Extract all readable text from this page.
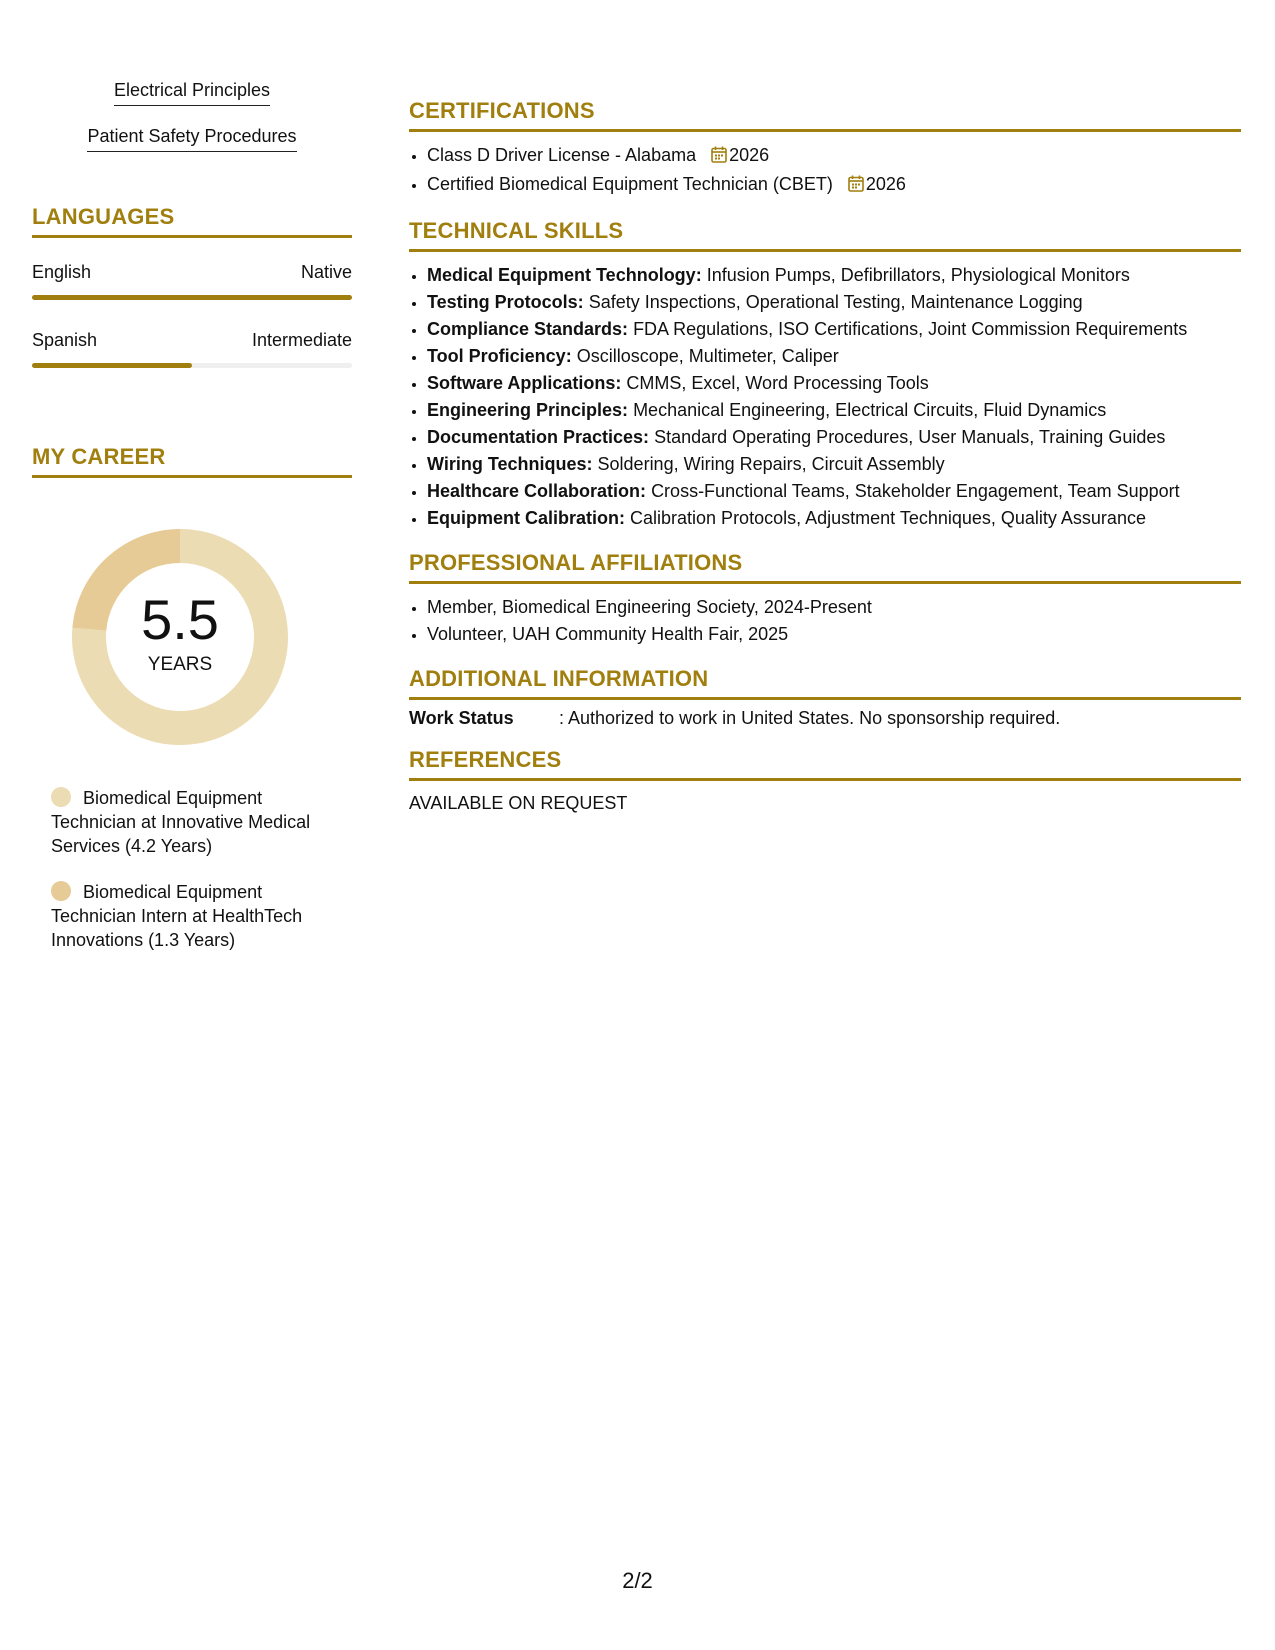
Electrical Principles
Patient Safety Procedures
LANGUAGES
English	Native
Spanish	Intermediate
MY CAREER
5.5
YEARS
Biomedical Equipment Technician at Innovative Medical Services (4.2 Years)
Biomedical Equipment Technician Intern at HealthTech Innovations (1.3 Years)
CERTIFICATIONS
• Class D Driver License - Alabama 2026
• Certified Biomedical Equipment Technician (CBET) 2026
TECHNICAL SKILLS
• Medical Equipment Technology: Infusion Pumps, Defibrillators, Physiological Monitors
• Testing Protocols: Safety Inspections, Operational Testing, Maintenance Logging
• Compliance Standards: FDA Regulations, ISO Certifications, Joint Commission Requirements
• Tool Proficiency: Oscilloscope, Multimeter, Caliper
• Software Applications: CMMS, Excel, Word Processing Tools
• Engineering Principles: Mechanical Engineering, Electrical Circuits, Fluid Dynamics
• Documentation Practices: Standard Operating Procedures, User Manuals, Training Guides
• Wiring Techniques: Soldering, Wiring Repairs, Circuit Assembly
• Healthcare Collaboration: Cross-Functional Teams, Stakeholder Engagement, Team Support
• Equipment Calibration: Calibration Protocols, Adjustment Techniques, Quality Assurance
PROFESSIONAL AFFILIATIONS
• Member, Biomedical Engineering Society, 2024-Present
• Volunteer, UAH Community Health Fair, 2025
ADDITIONAL INFORMATION
Work Status	: Authorized to work in United States. No sponsorship required.
REFERENCES
AVAILABLE ON REQUEST
2/2
